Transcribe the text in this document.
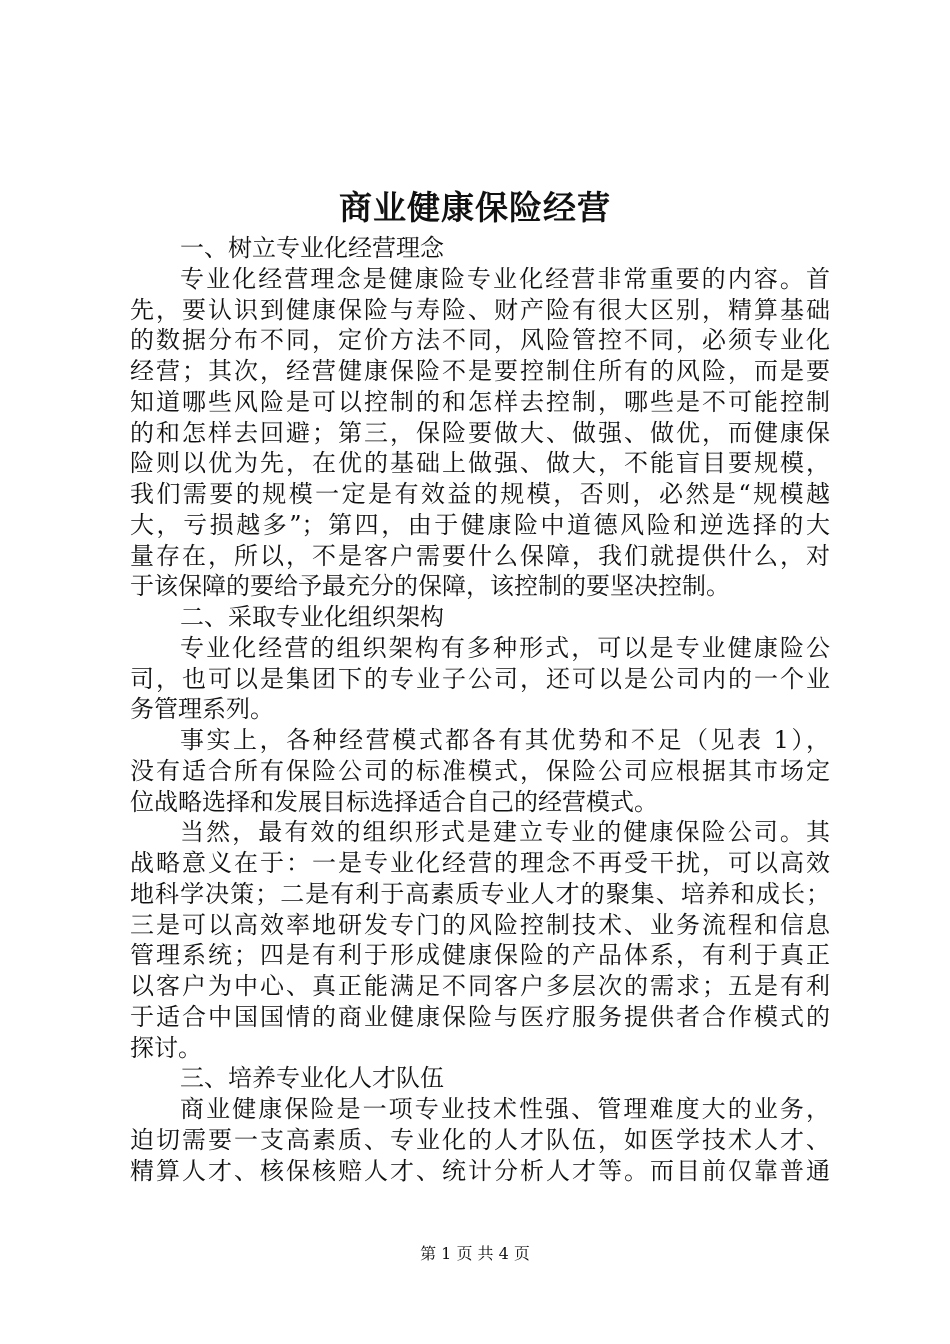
商业健康保险经营
一、树立专业化经营理念
专业化经营理念是健康险专业化经营非常重要的内容。首
先，要认识到健康保险与寿险、财产险有很大区别，精算基础
的数据分布不同，定价方法不同，风险管控不同，必须专业化
经营；其次，经营健康保险不是要控制住所有的风险，而是要
知道哪些风险是可以控制的和怎样去控制，哪些是不可能控制
的和怎样去回避；第三，保险要做大、做强、做优，而健康保
险则以优为先，在优的基础上做强、做大，不能盲目要规模，
我们需要的规模一定是有效益的规模，否则，必然是“规模越
大，亏损越多”；第四，由于健康险中道德风险和逆选择的大
量存在，所以，不是客户需要什么保障，我们就提供什么，对
于该保障的要给予最充分的保障，该控制的要坚决控制。
二、采取专业化组织架构
专业化经营的组织架构有多种形式，可以是专业健康险公
司，也可以是集团下的专业子公司，还可以是公司内的一个业
务管理系列。
事实上，各种经营模式都各有其优势和不足（见表 1），
没有适合所有保险公司的标准模式，保险公司应根据其市场定
位战略选择和发展目标选择适合自己的经营模式。
当然，最有效的组织形式是建立专业的健康保险公司。其
战略意义在于：一是专业化经营的理念不再受干扰，可以高效
地科学决策；二是有利于高素质专业人才的聚集、培养和成长；
三是可以高效率地研发专门的风险控制技术、业务流程和信息
管理系统；四是有利于形成健康保险的产品体系，有利于真正
以客户为中心、真正能满足不同客户多层次的需求；五是有利
于适合中国国情的商业健康保险与医疗服务提供者合作模式的
探讨。
三、培养专业化人才队伍
商业健康保险是一项专业技术性强、管理难度大的业务，
迫切需要一支高素质、专业化的人才队伍，如医学技术人才、
精算人才、核保核赔人才、统计分析人才等。而目前仅靠普通
第 1 页 共 4 页
